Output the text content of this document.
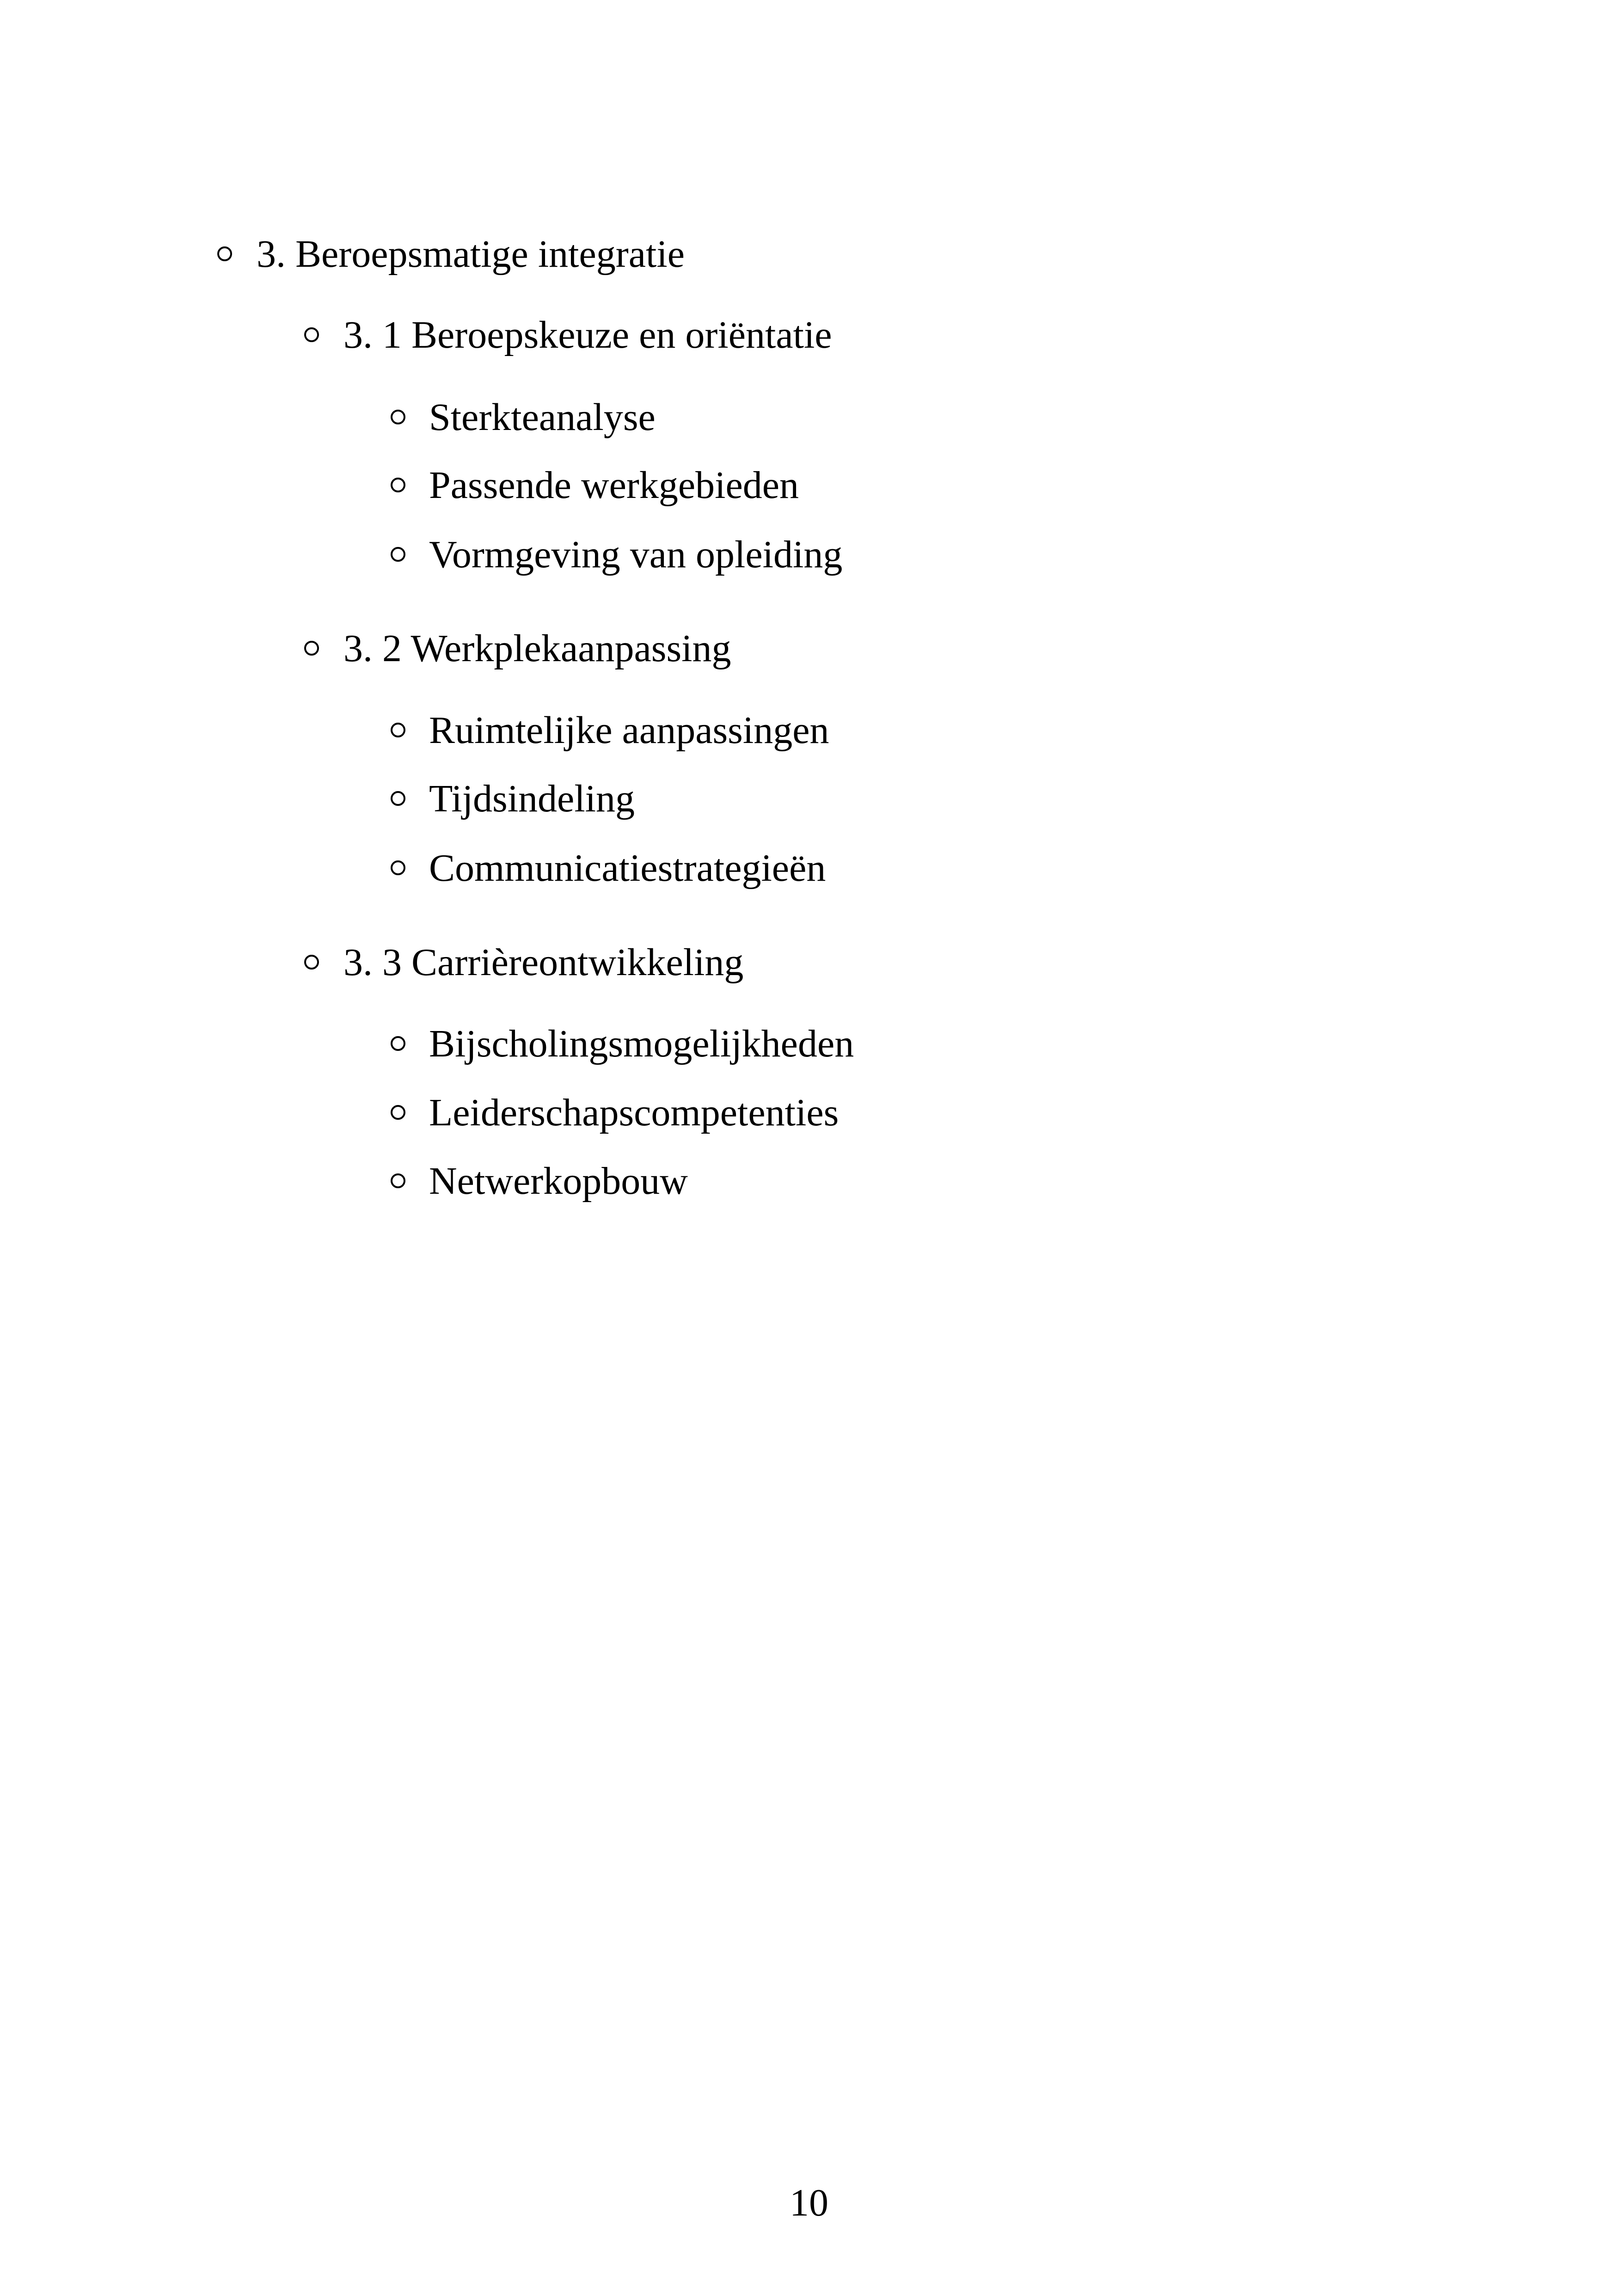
3. Beroepsmatige integratie
3. 1 Beroepskeuze en oriëntatie
Sterkteanalyse
Passende werkgebieden
Vormgeving van opleiding
3. 2 Werkplekaanpassing
Ruimtelijke aanpassingen
Tijdsindeling
Communicatiestrategieën
3. 3 Carrièreontwikkeling
Bijscholingsmogelijkheden
Leiderschapscompetenties
Netwerkopbouw
10
